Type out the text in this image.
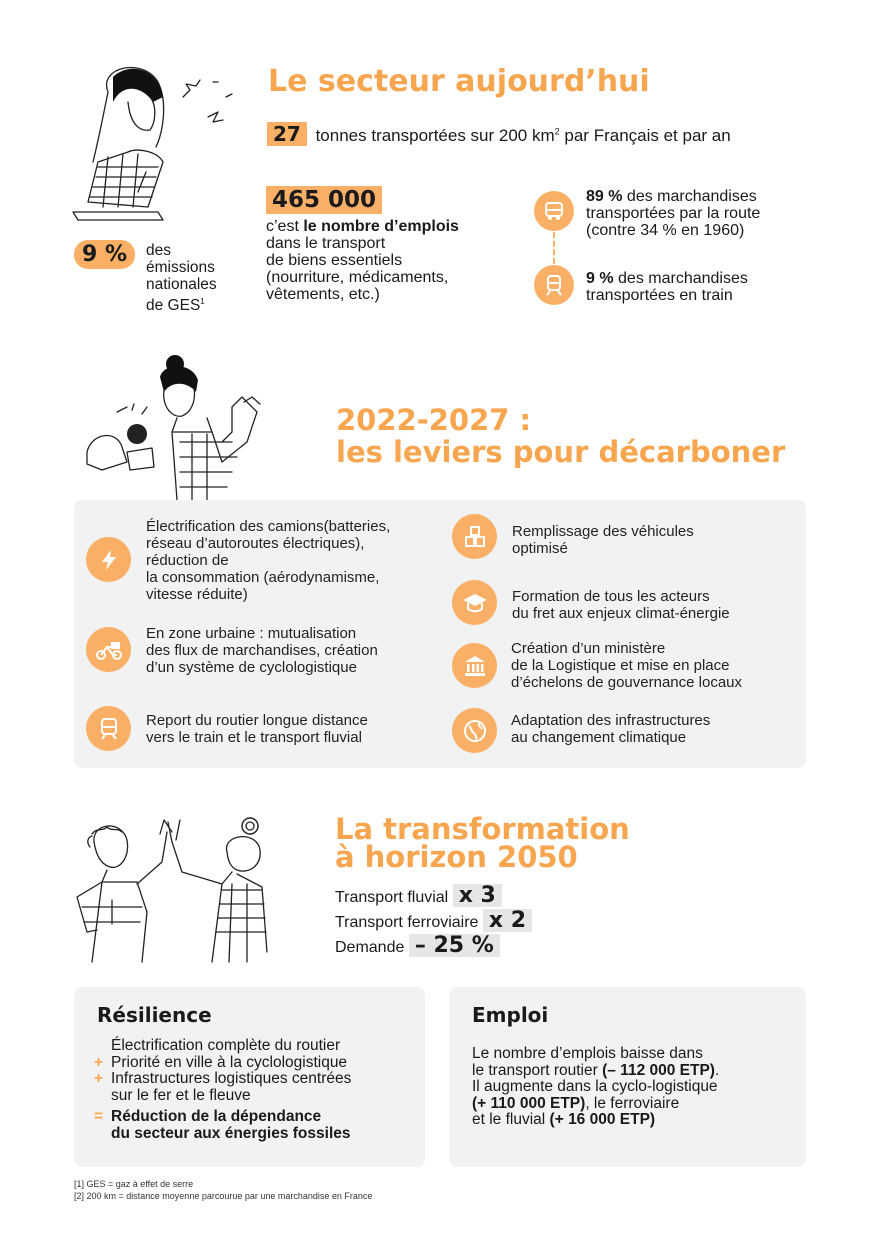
Le secteur aujourd’hui
27 tonnes transportées sur 200 $km^2$ par Français et par an
9 %	des
émissions
nationales
de GES$^1$
465 000
c’est le nombre d’emplois
dans le transport
de biens essentiels
(nourriture, médicaments,
vêtements, etc.)
89 % des marchandises
transportées par la route
(contre 34 % en 1960)
9 % des marchandises
transportées en train
2022-2027 :
les leviers pour décarboner
Électrification des camions(batteries,
réseau d’autoroutes électriques),
réduction de
la consommation (aérodynamisme,
vitesse réduite)
En zone urbaine : mutualisation
des flux de marchandises, création
d’un système de cyclologistique
Report du routier longue distance
vers le train et le transport fluvial
Remplissage des véhicules
optimisé
Formation de tous les acteurs
du fret aux enjeux climat-énergie
Création d’un ministère
de la Logistique et mise en place
d’échelons de gouvernance locaux
Adaptation des infrastructures
au changement climatique
La transformation
à horizon 2050
Transport fluvial x 3
Transport ferroviaire x 2
Demande – 25 %
Résilience
Électrification complète du routier
+ Priorité en ville à la cyclologistique
+ Infrastructures logistiques centrées
sur le fer et le fleuve
= Réduction de la dépendance
du secteur aux énergies fossiles
Emploi
Le nombre d’emplois baisse dans
le transport routier (– 112 000 ETP).
Il augmente dans la cyclo-logistique
(+ 110 000 ETP), le ferroviaire
et le fluvial (+ 16 000 ETP)
[1] GES = gaz à effet de serre
[2] 200 km = distance moyenne parcourue par une marchandise en France
